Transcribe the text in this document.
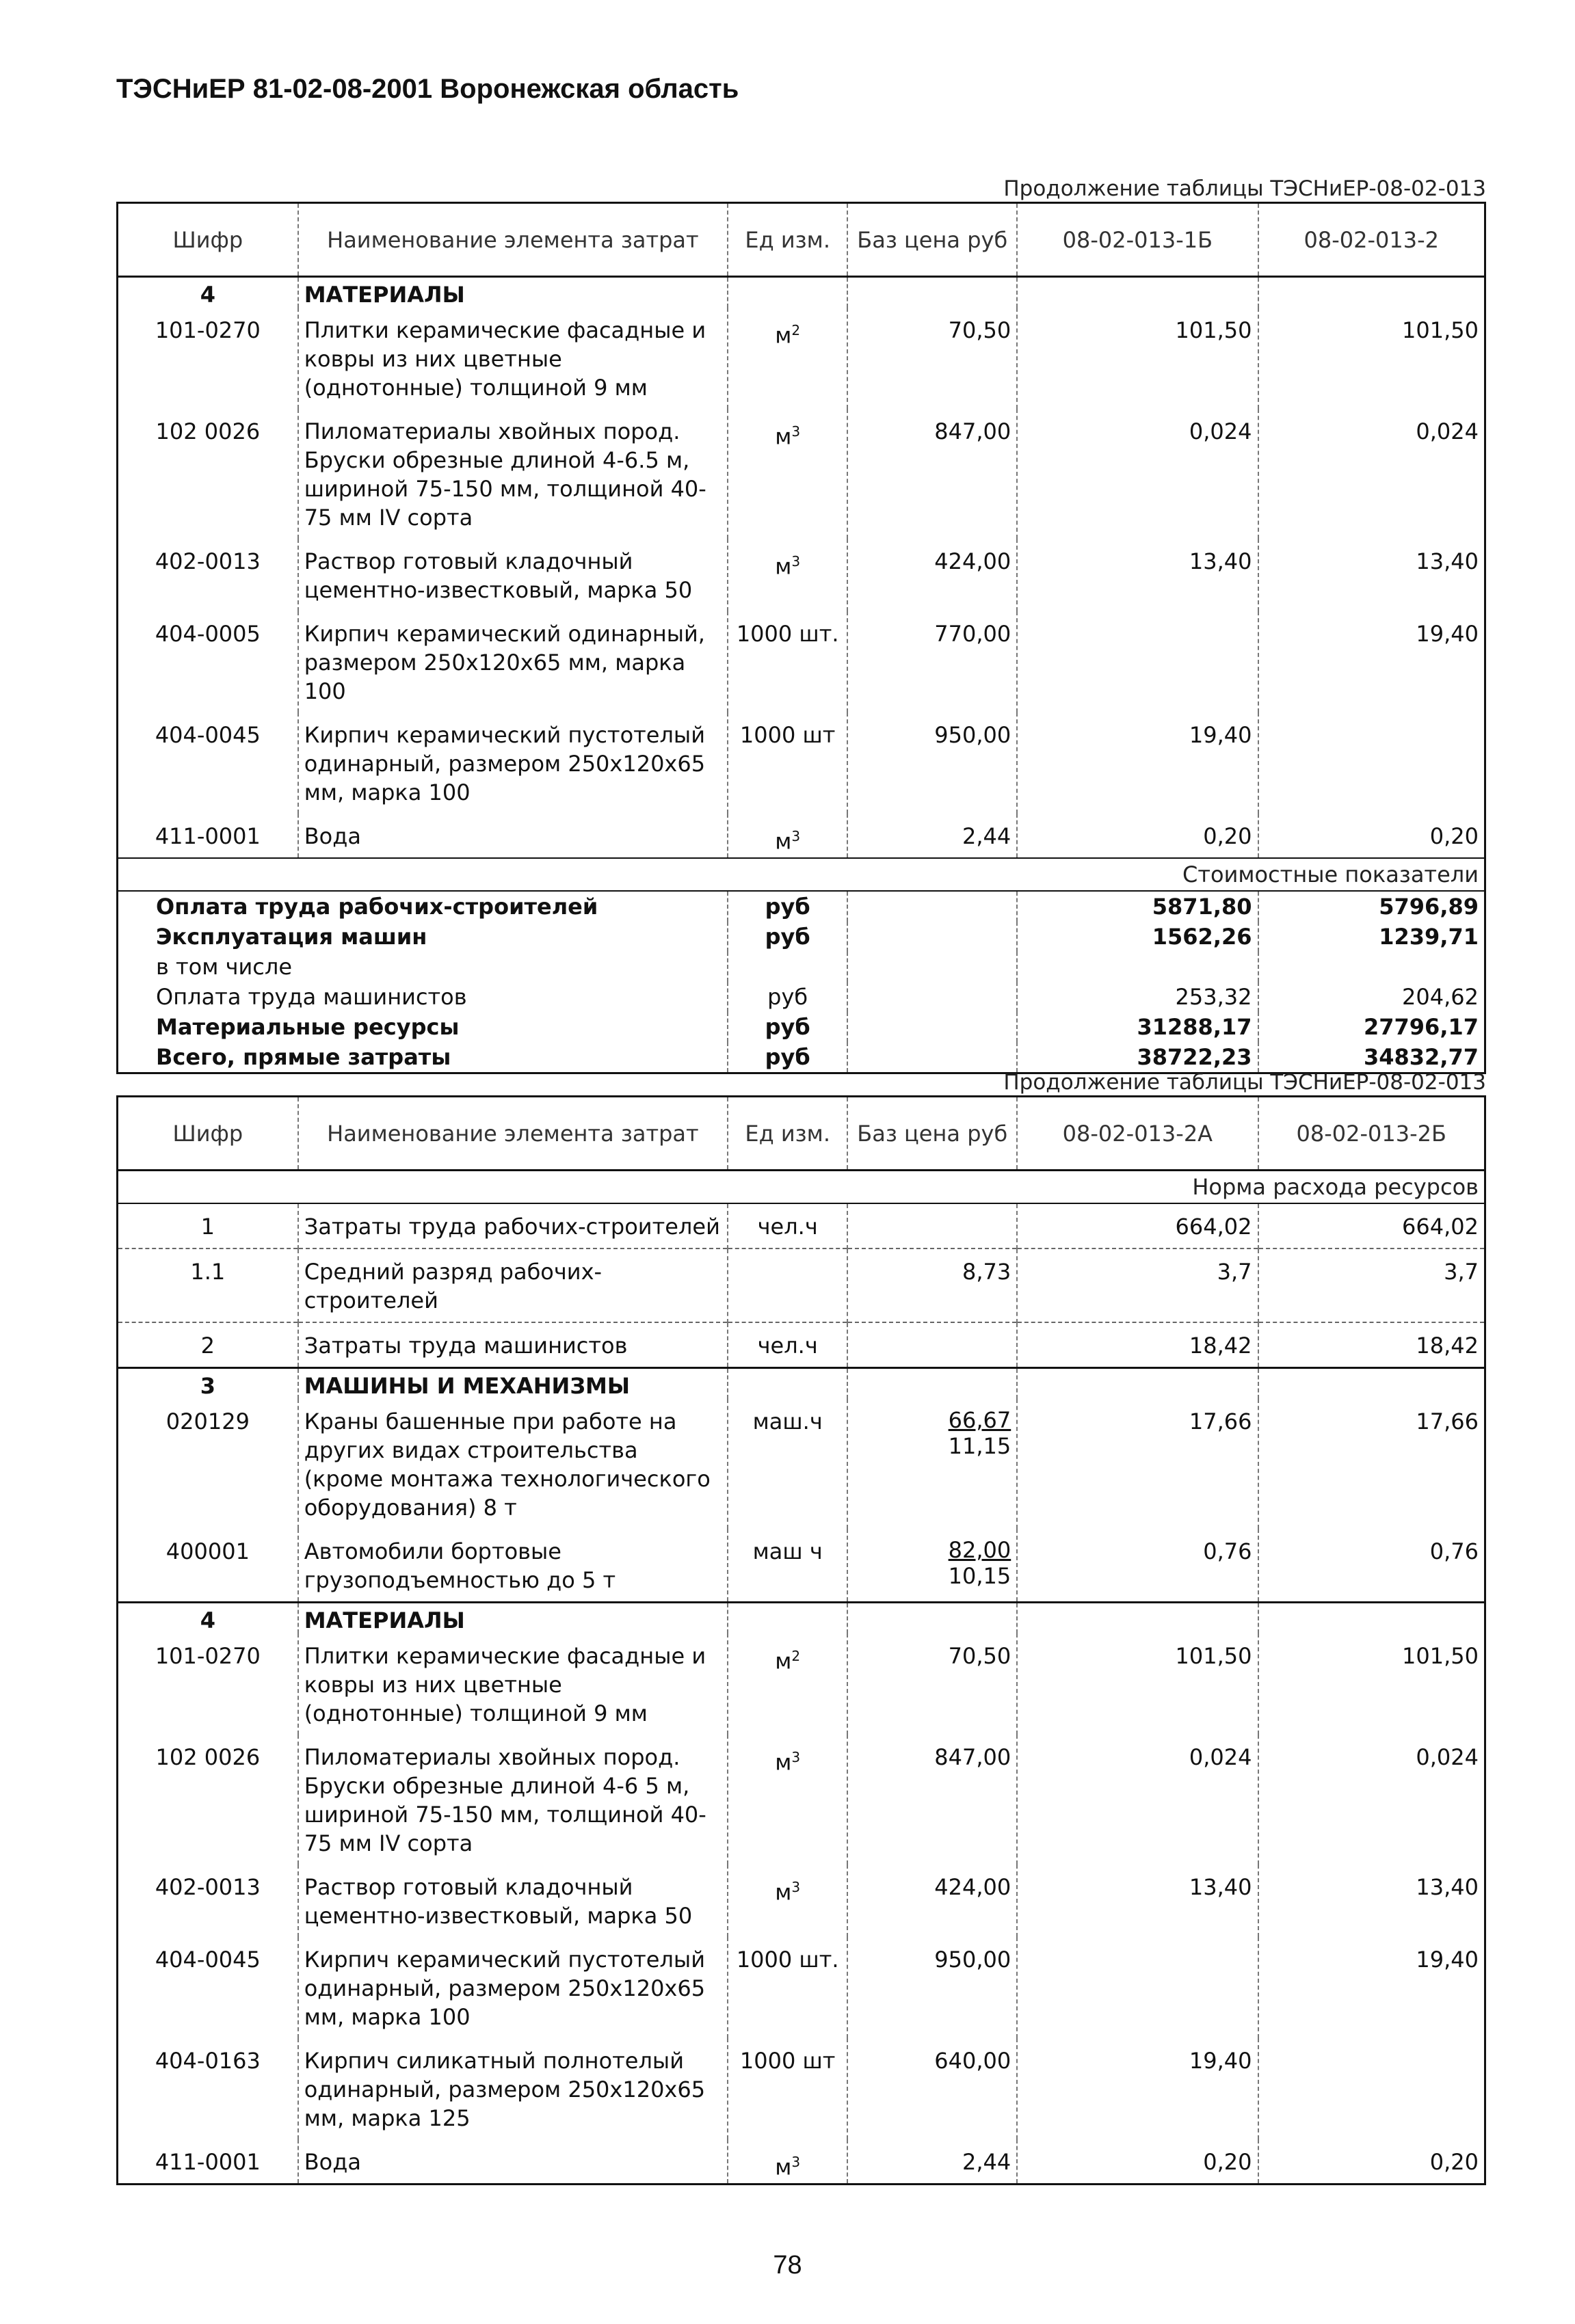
ТЭСНиЕР 81-02-08-2001 Воронежская область
Продолжение таблицы ТЭСНиЕР-08-02-013
Шифр	Наименование элемента затрат	Ед изм.	Баз цена руб	08-02-013-1Б	08-02-013-2
4	МАТЕРИАЛЫ				
101-0270	Плитки керамические фасадные и ковры из них цветные (однотонные) толщиной 9 мм	$м^2$	70,50	101,50	101,50
102 0026	Пиломатериалы хвойных пород. Бруски обрезные длиной 4-6.5 м, шириной 75-150 мм, толщиной 40-75 мм IV сорта	$м^3$	847,00	0,024	0,024
402-0013	Раствор готовый кладочный цементно-известковый, марка 50	$м^3$	424,00	13,40	13,40
404-0005	Кирпич керамический одинарный, размером 250х120х65 мм, марка 100	1000 шт.	770,00		19,40
404-0045	Кирпич керамический пустотелый одинарный, размером 250х120х65 мм, марка 100	1000 шт	950,00	19,40	
411-0001	Вода	$м^3$	2,44	0,20	0,20
Стоимостные показатели					
Оплата труда рабочих-строителей		руб		5871,80	5796,89
Эксплуатация машин		руб		1562,26	1239,71
в том числе					
Оплата труда машинистов		руб		253,32	204,62
Материальные ресурсы		руб		31288,17	27796,17
Всего, прямые затраты		руб		38722,23	34832,77
Продолжение таблицы ТЭСНиЕР-08-02-013
Шифр	Наименование элемента затрат	Ед изм.	Баз цена руб	08-02-013-2А	08-02-013-2Б
Норма расхода ресурсов					
1	Затраты труда рабочих-строителей	чел.ч		664,02	664,02
1.1	Средний разряд рабочих-строителей		8,73	3,7	3,7
2	Затраты труда машинистов	чел.ч		18,42	18,42
3	МАШИНЫ И МЕХАНИЗМЫ				
020129	Краны башенные при работе на других видах строительства (кроме монтажа технологического оборудования) 8 т	маш.ч	$\frac{66,67}{11,15}$	17,66	17,66
400001	Автомобили бортовые грузоподъемностью до 5 т	маш ч	$\frac{82,00}{10,15}$	0,76	0,76
4	МАТЕРИАЛЫ				
101-0270	Плитки керамические фасадные и ковры из них цветные (однотонные) толщиной 9 мм	$м^2$	70,50	101,50	101,50
102 0026	Пиломатериалы хвойных пород. Бруски обрезные длиной 4-6 5 м, шириной 75-150 мм, толщиной 40-75 мм IV сорта	$м^3$	847,00	0,024	0,024
402-0013	Раствор готовый кладочный цементно-известковый, марка 50	$м^3$	424,00	13,40	13,40
404-0045	Кирпич керамический пустотелый одинарный, размером 250х120х65 мм, марка 100	1000 шт.	950,00		19,40
404-0163	Кирпич силикатный полнотелый одинарный, размером 250х120х65 мм, марка 125	1000 шт	640,00	19,40	
411-0001	Вода	$м^3$	2,44	0,20	0,20
78
